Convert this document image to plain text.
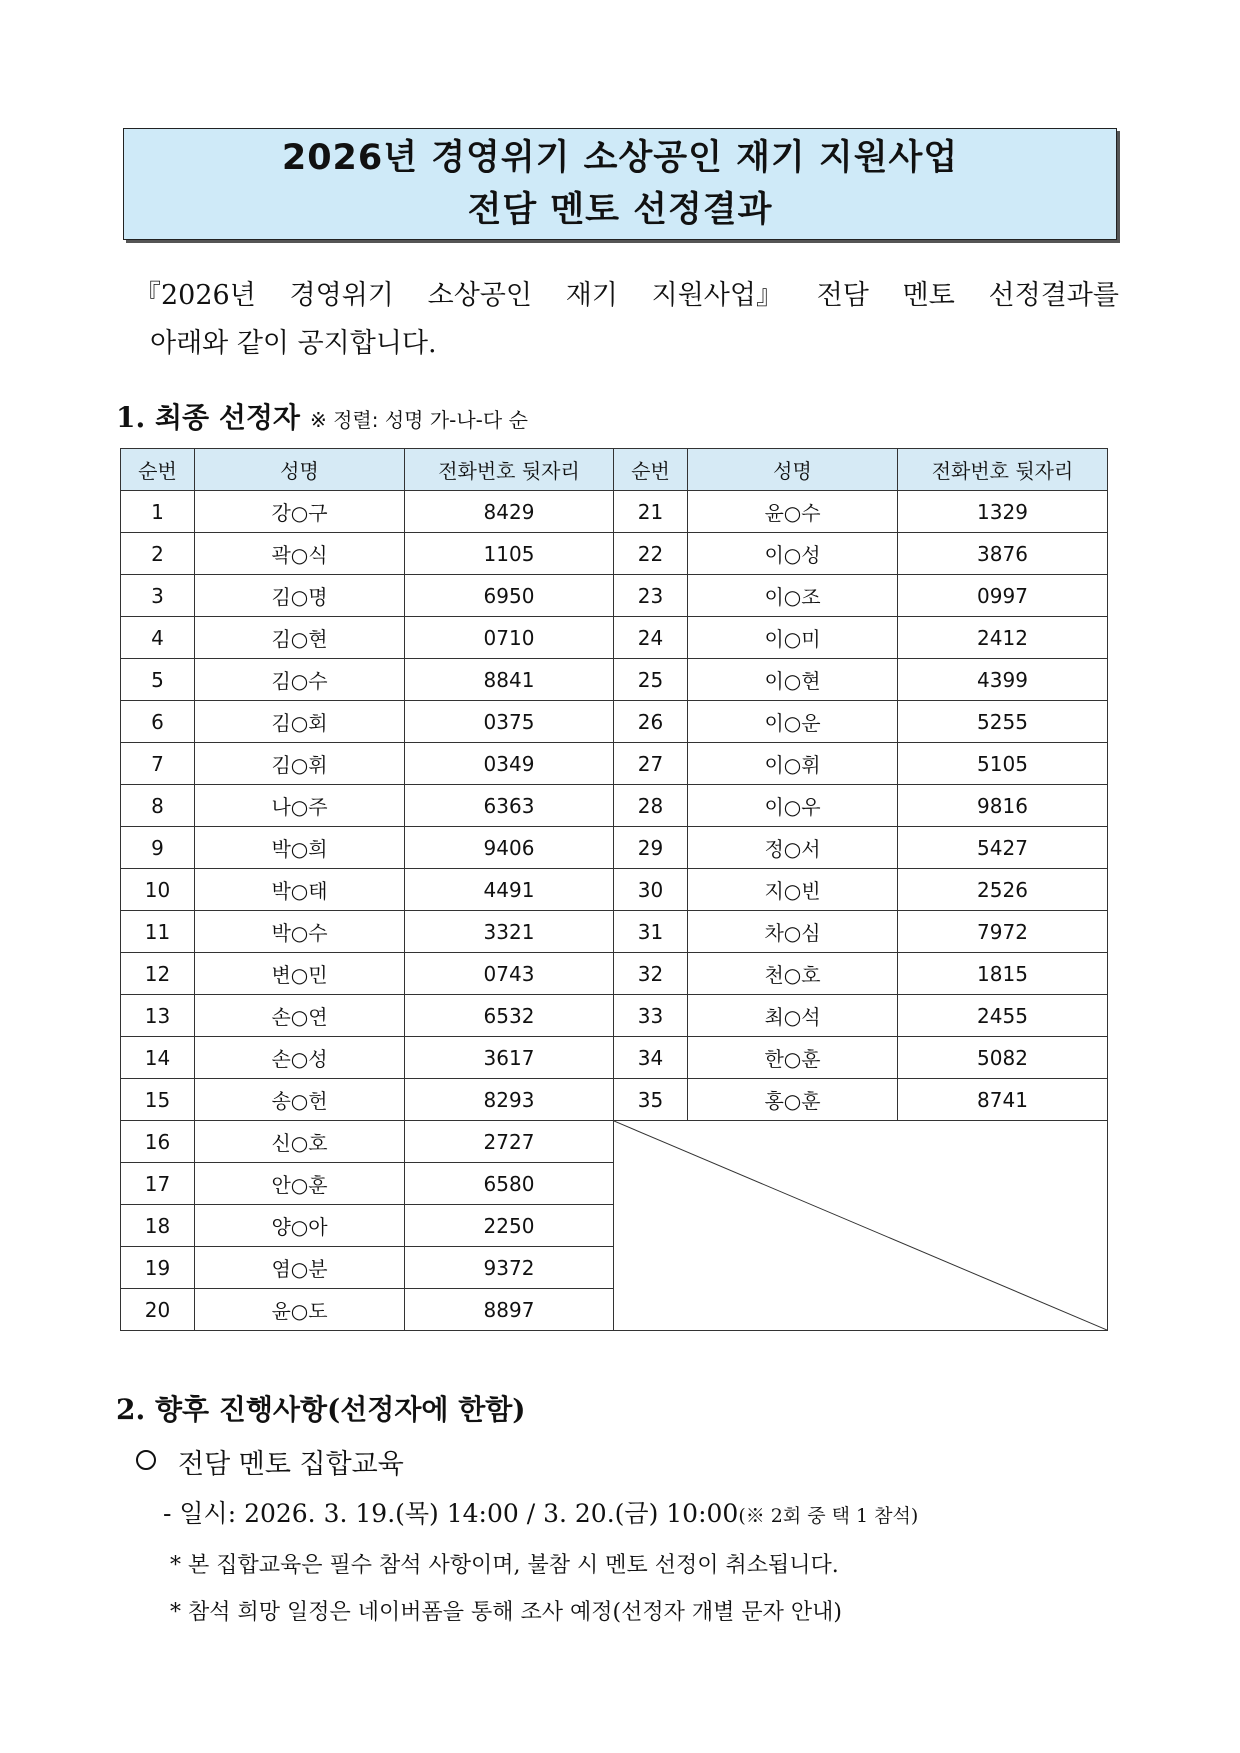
2026년 경영위기 소상공인 재기 지원사업
전담 멘토 선정결과
『2026년 경영위기 소상공인 재기 지원사업』 전담 멘토 선정결과를
아래와 같이 공지합니다.
1. 최종 선정자 ※ 정렬: 성명 가-나-다 순
순번	성명	전화번호 뒷자리	순번	성명	전화번호 뒷자리
1	강○구	8429	21	윤○수	1329
2	곽○식	1105	22	이○성	3876
3	김○명	6950	23	이○조	0997
4	김○현	0710	24	이○미	2412
5	김○수	8841	25	이○현	4399
6	김○회	0375	26	이○운	5255
7	김○휘	0349	27	이○휘	5105
8	나○주	6363	28	이○우	9816
9	박○희	9406	29	정○서	5427
10	박○태	4491	30	지○빈	2526
11	박○수	3321	31	차○심	7972
12	변○민	0743	32	천○호	1815
13	손○연	6532	33	최○석	2455
14	손○성	3617	34	한○훈	5082
15	송○헌	8293	35	홍○훈	8741
16	신○호	2727	

17	안○훈	6580			
18	양○아	2250			
19	염○분	9372			
20	윤○도	8897			
2. 향후 진행사항(선정자에 한함)
전담 멘토 집합교육
- 일시: 2026. 3. 19.(목) 14:00 / 3. 20.(금) 10:00(※ 2회 중 택 1 참석)
* 본 집합교육은 필수 참석 사항이며, 불참 시 멘토 선정이 취소됩니다.
* 참석 희망 일정은 네이버폼을 통해 조사 예정(선정자 개별 문자 안내)
